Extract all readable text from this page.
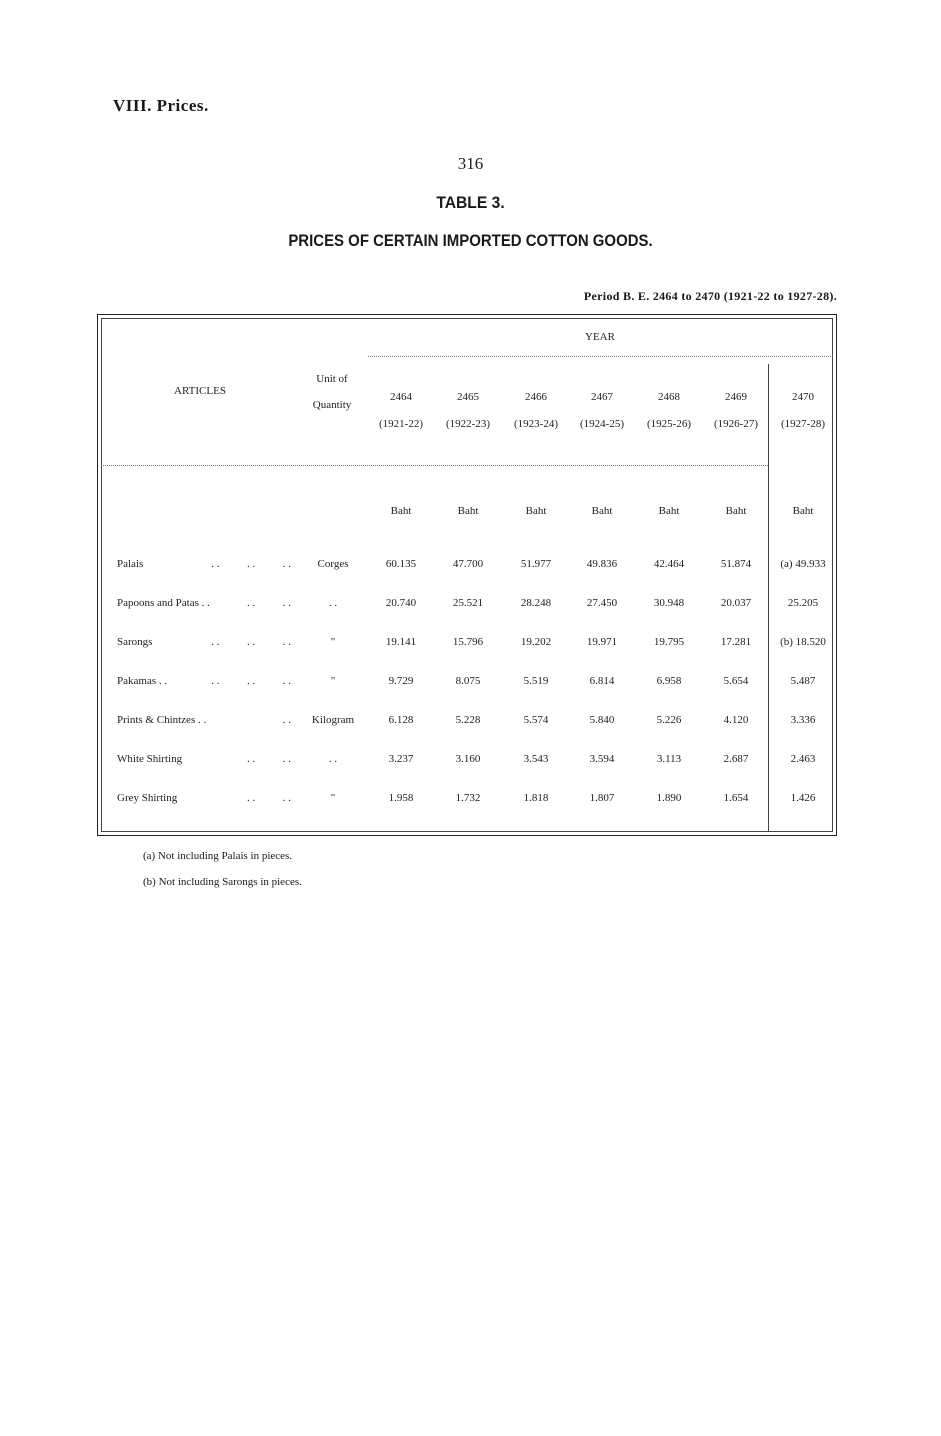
VIII. Prices.
316
TABLE 3.
PRICES OF CERTAIN IMPORTED COTTON GOODS.
Period B. E. 2464 to 2470 (1921-22 to 1927-28).
ARTICLES
Unit of
Quantity
YEAR
2464
(1921-22)
Baht
2465
(1922-23)
Baht
2466
(1923-24)
Baht
2467
(1924-25)
Baht
2468
(1925-26)
Baht
2469
(1926-27)
Baht
2470
(1927-28)
Baht
Palais	. .          . .          . .	Corges	60.135	47.700	51.977	49.836	42.464	51.874	(a) 49.933
Papoons and Patas . .	. .          . .	. .	20.740	25.521	28.248	27.450	30.948	20.037	25.205
Sarongs	. .          . .          . .	"	19.141	15.796	19.202	19.971	19.795	17.281	(b) 18.520
Pakamas . .	. .          . .          . .	"	9.729	8.075	5.519	6.814	6.958	5.654	5.487
Prints & Chintzes . .	. .	Kilogram	6.128	5.228	5.574	5.840	5.226	4.120	3.336
White Shirting	. .          . .	. .	3.237	3.160	3.543	3.594	3.113	2.687	2.463
Grey Shirting	. .          . .	"	1.958	1.732	1.818	1.807	1.890	1.654	1.426
(a) Not including Palais in pieces.
(b) Not including Sarongs in pieces.
